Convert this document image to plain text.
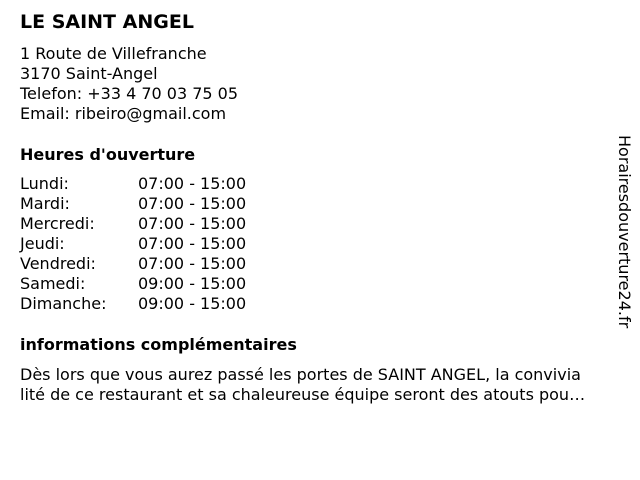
LE SAINT ANGEL
1 Route de Villefranche
3170 Saint-Angel
Telefon: +33 4 70 03 75 05
Email: ribeiro@gmail.com
Heures d'ouverture
Lundi:	07:00 - 15:00
Mardi:	07:00 - 15:00
Mercredi:	07:00 - 15:00
Jeudi:	07:00 - 15:00
Vendredi:	07:00 - 15:00
Samedi:	09:00 - 15:00
Dimanche: 09:00 - 15:00
informations complémentaires
Dès lors que vous aurez passé les portes de SAINT ANGEL, la convivia
lité de ce restaurant et sa chaleureuse équipe seront des atouts pou…
Horairesdouverture24.fr
